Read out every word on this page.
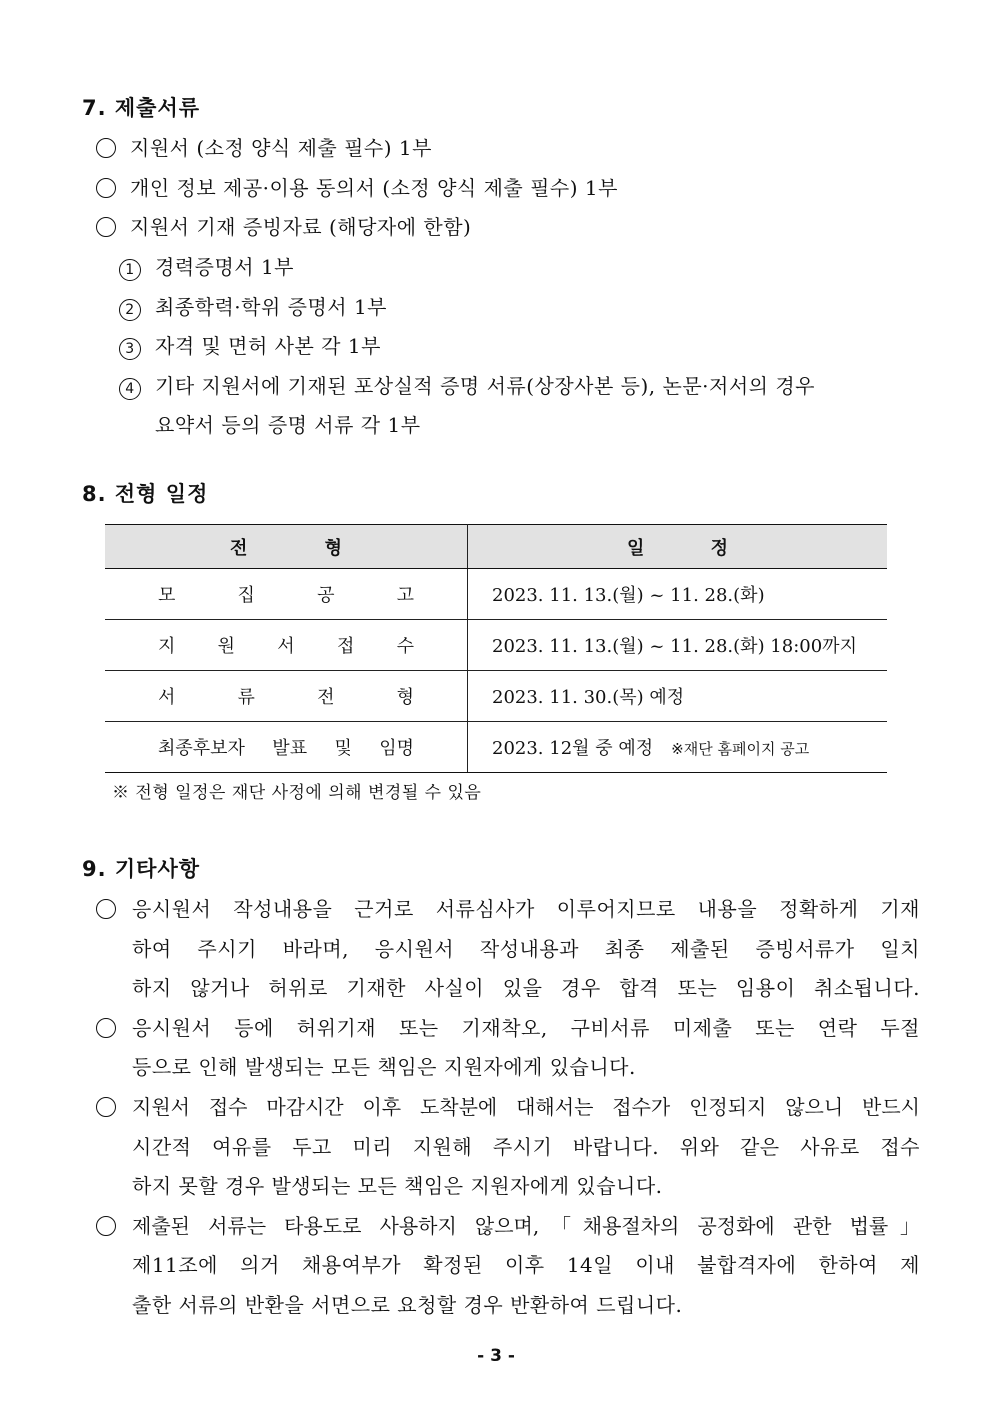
7. 제출서류
지원서 (소정 양식 제출 필수) 1부
개인 정보 제공·이용 동의서 (소정 양식 제출 필수) 1부
지원서 기재 증빙자료 (해당자에 한함)
1 경력증명서 1부
2 최종학력·학위 증명서 1부
3 자격 및 면허 사본 각 1부
4 기타 지원서에 기재된 포상실적 증명 서류(상장사본 등), 논문·저서의 경우
요약서 등의 증명 서류 각 1부
8. 전형 일정
전 형	일 정

모 집 공 고	2023. 11. 13.(월) ~ 11. 28.(화)

지 원 서 접 수	2023. 11. 13.(월) ~ 11. 28.(화) 18:00까지

서 류 전 형	2023. 11. 30.(목) 예정

최종후보자 발표 및 임명	2023. 12월 중 예정 ※재단 홈페이지 공고
※ 전형 일정은 재단 사정에 의해 변경될 수 있음
9. 기타사항
응시원서 작성내용을 근거로 서류심사가 이루어지므로 내용을 정확하게 기재
하여 주시기 바라며, 응시원서 작성내용과 최종 제출된 증빙서류가 일치
하지 않거나 허위로 기재한 사실이 있을 경우 합격 또는 임용이 취소됩니다.
응시원서 등에 허위기재 또는 기재착오, 구비서류 미제출 또는 연락 두절
등으로 인해 발생되는 모든 책임은 지원자에게 있습니다.
지원서 접수 마감시간 이후 도착분에 대해서는 접수가 인정되지 않으니 반드시
시간적 여유를 두고 미리 지원해 주시기 바랍니다. 위와 같은 사유로 접수
하지 못할 경우 발생되는 모든 책임은 지원자에게 있습니다.
제출된 서류는 타용도로 사용하지 않으며,「채용절차의 공정화에 관한 법률」
제11조에 의거 채용여부가 확정된 이후 14일 이내 불합격자에 한하여 제
출한 서류의 반환을 서면으로 요청할 경우 반환하여 드립니다.
- 3 -
